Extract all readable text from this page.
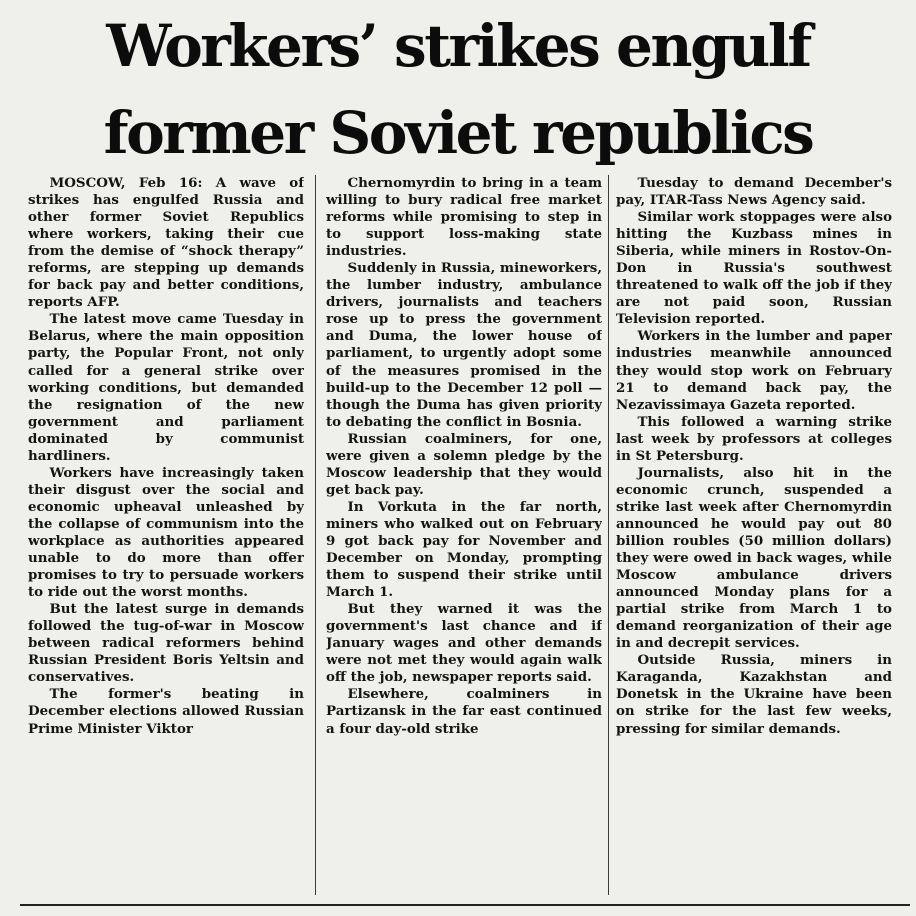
Workers’ strikes engulf
former Soviet republics

MOSCOW, Feb 16: A wave of strikes has engulfed Russia and other former Soviet Republics where workers, taking their cue from the demise of “shock therapy” reforms, are stepping up demands for back pay and better conditions, reports AFP.

The latest move came Tuesday in Belarus, where the main opposition party, the Popular Front, not only called for a general strike over working conditions, but demanded the resignation of the new government and parliament dominated by communist hardliners.

Workers have increasingly taken their disgust over the social and economic upheaval unleashed by the collapse of communism into the workplace as authorities appeared unable to do more than offer promises to try to persuade workers to ride out the worst months.

But the latest surge in demands followed the tug-of-war in Moscow between radical reformers behind Russian President Boris Yeltsin and conservatives.

The former's beating in December elections allowed Russian Prime Minister Viktor

Chernomyrdin to bring in a team willing to bury radical free market reforms while promising to step in to support loss-making state industries.

Suddenly in Russia, mineworkers, the lumber industry, ambulance drivers, journalists and teachers rose up to press the government and Duma, the lower house of parliament, to urgently adopt some of the measures promised in the build-up to the December 12 poll — though the Duma has given priority to debating the conflict in Bosnia.

Russian coalminers, for one, were given a solemn pledge by the Moscow leadership that they would get back pay.

In Vorkuta in the far north, miners who walked out on February 9 got back pay for November and December on Monday, prompting them to suspend their strike until March 1.

But they warned it was the government's last chance and if January wages and other demands were not met they would again walk off the job, newspaper reports said.

Elsewhere, coalminers in Partizansk in the far east continued a four day-old strike

Tuesday to demand December's pay, ITAR-Tass News Agency said.

Similar work stoppages were also hitting the Kuzbass mines in Siberia, while miners in Rostov-On-Don in Russia's southwest threatened to walk off the job if they are not paid soon, Russian Television reported.

Workers in the lumber and paper industries meanwhile announced they would stop work on February 21 to demand back pay, the Nezavissimaya Gazeta reported.

This followed a warning strike last week by professors at colleges in St Petersburg.

Journalists, also hit in the economic crunch, suspended a strike last week after Chernomyrdin announced he would pay out 80 billion roubles (50 million dollars) they were owed in back wages, while Moscow ambulance drivers announced Monday plans for a partial strike from March 1 to demand reorganization of their age in and decrepit services.

Outside Russia, miners in Karaganda, Kazakhstan and Donetsk in the Ukraine have been on strike for the last few weeks, pressing for similar demands.
